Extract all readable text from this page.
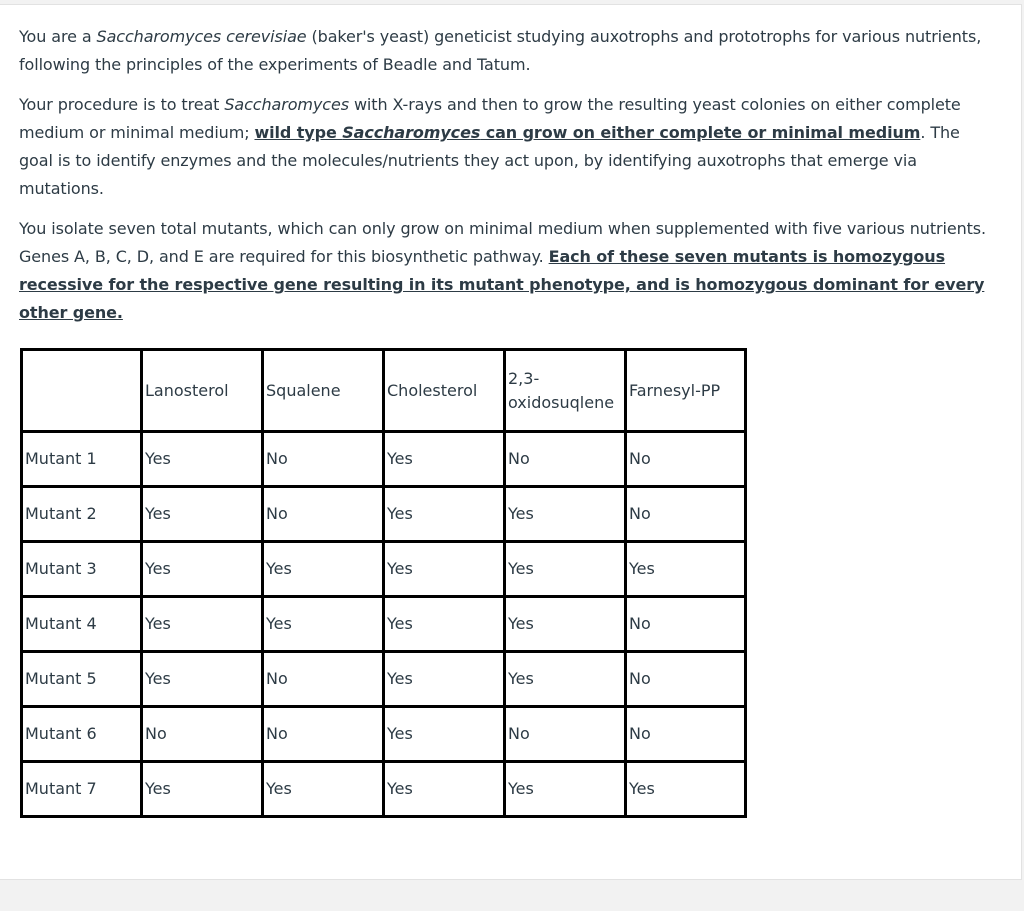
You are a Saccharomyces cerevisiae (baker's yeast) geneticist studying auxotrophs and prototrophs for various nutrients, following the principles of the experiments of Beadle and Tatum.

Your procedure is to treat Saccharomyces with X-rays and then to grow the resulting yeast colonies on either complete medium or minimal medium; wild type Saccharomyces can grow on either complete or minimal medium. The goal is to identify enzymes and the molecules/nutrients they act upon, by identifying auxotrophs that emerge via mutations.

You isolate seven total mutants, which can only grow on minimal medium when supplemented with five various nutrients. Genes A, B, C, D, and E are required for this biosynthetic pathway. Each of these seven mutants is homozygous recessive for the respective gene resulting in its mutant phenotype, and is homozygous dominant for every other gene.

	Lanosterol	Squalene	Cholesterol	2,3-oxidosuqlene	Farnesyl-PP
Mutant 1	Yes	No	Yes	No	No
Mutant 2	Yes	No	Yes	Yes	No
Mutant 3	Yes	Yes	Yes	Yes	Yes
Mutant 4	Yes	Yes	Yes	Yes	No
Mutant 5	Yes	No	Yes	Yes	No
Mutant 6	No	No	Yes	No	No
Mutant 7	Yes	Yes	Yes	Yes	Yes
